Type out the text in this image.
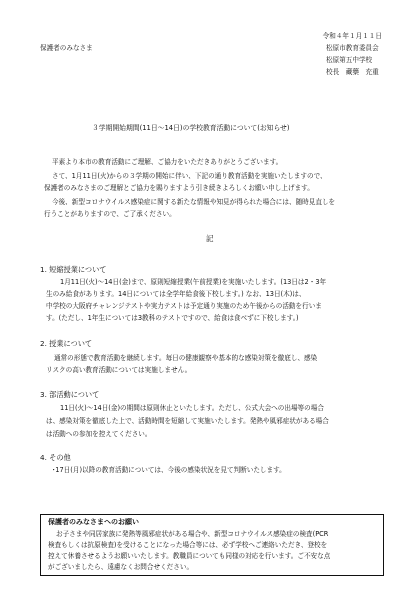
令和４年１月１１日
保護者のみなさま	松原市教育委員会
松原第五中学校
校長　藏藥　充重
３学期開始期間(11日～14日)の学校教育活動について(お知らせ)
平素より本市の教育活動にご理解、ご協力をいただきありがとうございます。
さて、1月11日(火)からの３学期の開始に伴い、下記の通り教育活動を実施いたしますので、
保護者のみなさまのご理解とご協力を賜りますよう引き続きよろしくお願い申し上げます。
今後、新型コロナウイルス感染症に関する新たな情報や知見が得られた場合には、随時見直しを
行うことがありますので、ご了承ください。
記
1. 短縮授業について
1月11日(火)～14日(金)まで、原則短縮授業(午前授業)を実施いたします。(13日は2・3年
生のみ給食があります。14日については全学年給食後下校します。) なお、13日(木)は、
中学校の大阪府チャレンジテストや実力テストは予定通り実施のため午後からの活動を行いま
す。(ただし、1年生については3教科のテストですので、給食は食べずに下校します。)
2. 授業について
通常の形態で教育活動を継続します。毎日の健康観察や基本的な感染対策を徹底し、感染
リスクの高い教育活動については実施しません。
3. 部活動について
11日(火)～14日(金)の期間は原則休止といたします。ただし、公式大会への出場等の場合
は、感染対策を徹底した上で、活動時間を短縮して実施いたします。発熱や風邪症状がある場合
は活動への参加を控えてください。
4. その他
･17日(月)以降の教育活動については、今後の感染状況を見て判断いたします。
保護者のみなさまへのお願い
お子さまや同居家族に発熱等風邪症状がある場合や、新型コロナウイルス感染症の検査(PCR
検査もしくは抗原検査)を受けることになった場合等には、必ず学校へご連絡いただき、登校を
控えて休養させるようお願いいたします。教職員についても同様の対応を行います。ご不安な点
がございましたら、遠慮なくお問合せください。
